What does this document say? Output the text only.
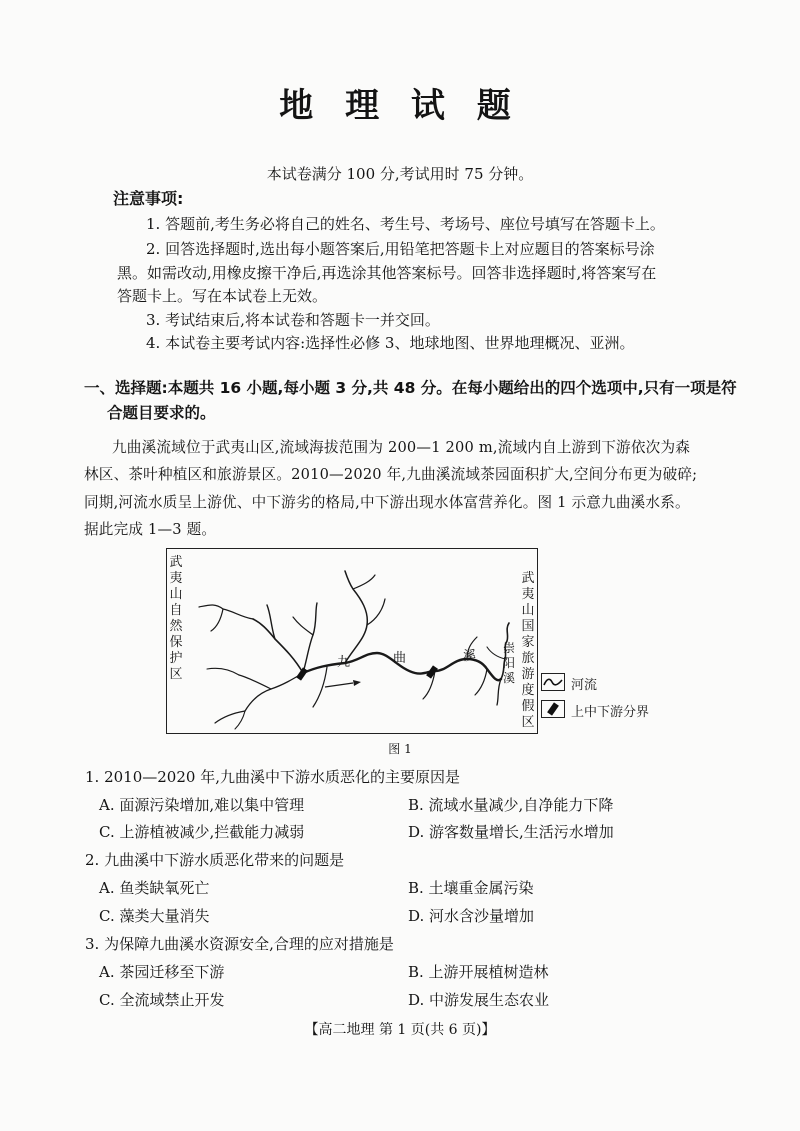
地 理 试 题
本试卷满分 100 分,考试用时 75 分钟。
注意事项:
1. 答题前,考生务必将自己的姓名、考生号、考场号、座位号填写在答题卡上。
2. 回答选择题时,选出每小题答案后,用铅笔把答题卡上对应题目的答案标号涂
黑。如需改动,用橡皮擦干净后,再选涂其他答案标号。回答非选择题时,将答案写在
答题卡上。写在本试卷上无效。
3. 考试结束后,将本试卷和答题卡一并交回。
4. 本试卷主要考试内容:选择性必修 3、地球地图、世界地理概况、亚洲。
一、选择题:本题共 16 小题,每小题 3 分,共 48 分。在每小题给出的四个选项中,只有一项是符
合题目要求的。
九曲溪流域位于武夷山区,流域海拔范围为 200—1 200 m,流域内自上游到下游依次为森
林区、茶叶种植区和旅游景区。2010—2020 年,九曲溪流域茶园面积扩大,空间分布更为破碎;
同期,河流水质呈上游优、中下游劣的格局,中下游出现水体富营养化。图 1 示意九曲溪水系。
据此完成 1—3 题。
武夷山自然保护区
武夷山国家旅游度假区
九	曲	溪
崇阳溪	河流
上中下游分界
图 1
1. 2010—2020 年,九曲溪中下游水质恶化的主要原因是
A. 面源污染增加,难以集中管理	B. 流域水量减少,自净能力下降
C. 上游植被减少,拦截能力减弱	D. 游客数量增长,生活污水增加
2. 九曲溪中下游水质恶化带来的问题是
A. 鱼类缺氧死亡	B. 土壤重金属污染
C. 藻类大量消失	D. 河水含沙量增加
3. 为保障九曲溪水资源安全,合理的应对措施是
A. 茶园迁移至下游	B. 上游开展植树造林
C. 全流域禁止开发	D. 中游发展生态农业
【高二地理 第 1 页(共 6 页)】
